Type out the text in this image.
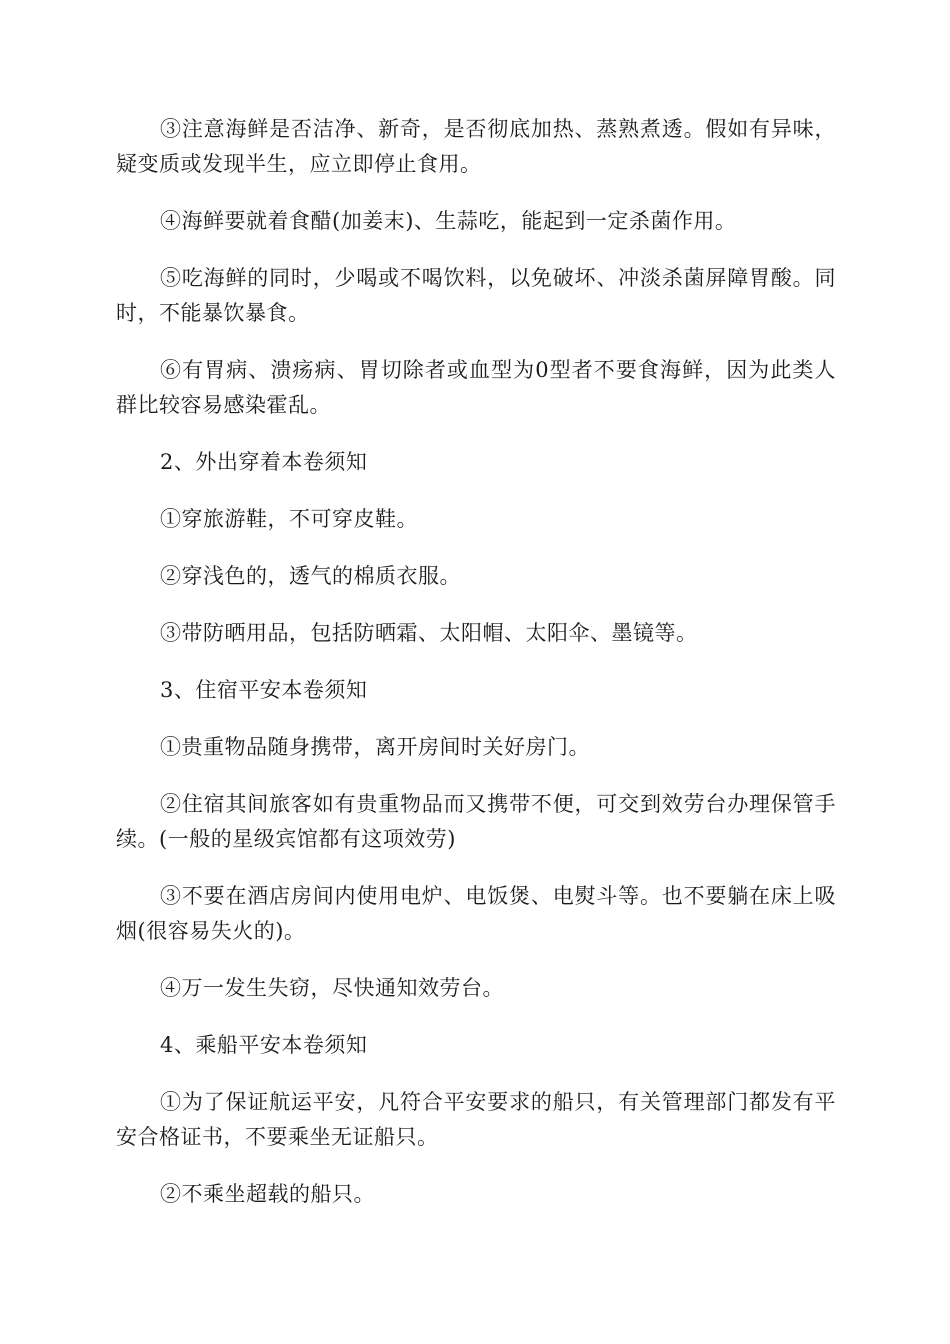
③注意海鲜是否洁净、新奇，是否彻底加热、蒸熟煮透。假如有异味，疑变质或发现半生，应立即停止食用。

④海鲜要就着食醋(加姜末)、生蒜吃，能起到一定杀菌作用。

⑤吃海鲜的同时，少喝或不喝饮料，以免破坏、冲淡杀菌屏障胃酸。同时，不能暴饮暴食。

⑥有胃病、溃疡病、胃切除者或血型为0型者不要食海鲜，因为此类人群比较容易感染霍乱。

2、外出穿着本卷须知

①穿旅游鞋，不可穿皮鞋。

②穿浅色的，透气的棉质衣服。

③带防晒用品，包括防晒霜、太阳帽、太阳伞、墨镜等。

3、住宿平安本卷须知

①贵重物品随身携带，离开房间时关好房门。

②住宿其间旅客如有贵重物品而又携带不便，可交到效劳台办理保管手续。(一般的星级宾馆都有这项效劳)

③不要在酒店房间内使用电炉、电饭煲、电熨斗等。也不要躺在床上吸烟(很容易失火的)。

④万一发生失窃，尽快通知效劳台。

4、乘船平安本卷须知

①为了保证航运平安，凡符合平安要求的船只，有关管理部门都发有平安合格证书，不要乘坐无证船只。

②不乘坐超载的船只。
